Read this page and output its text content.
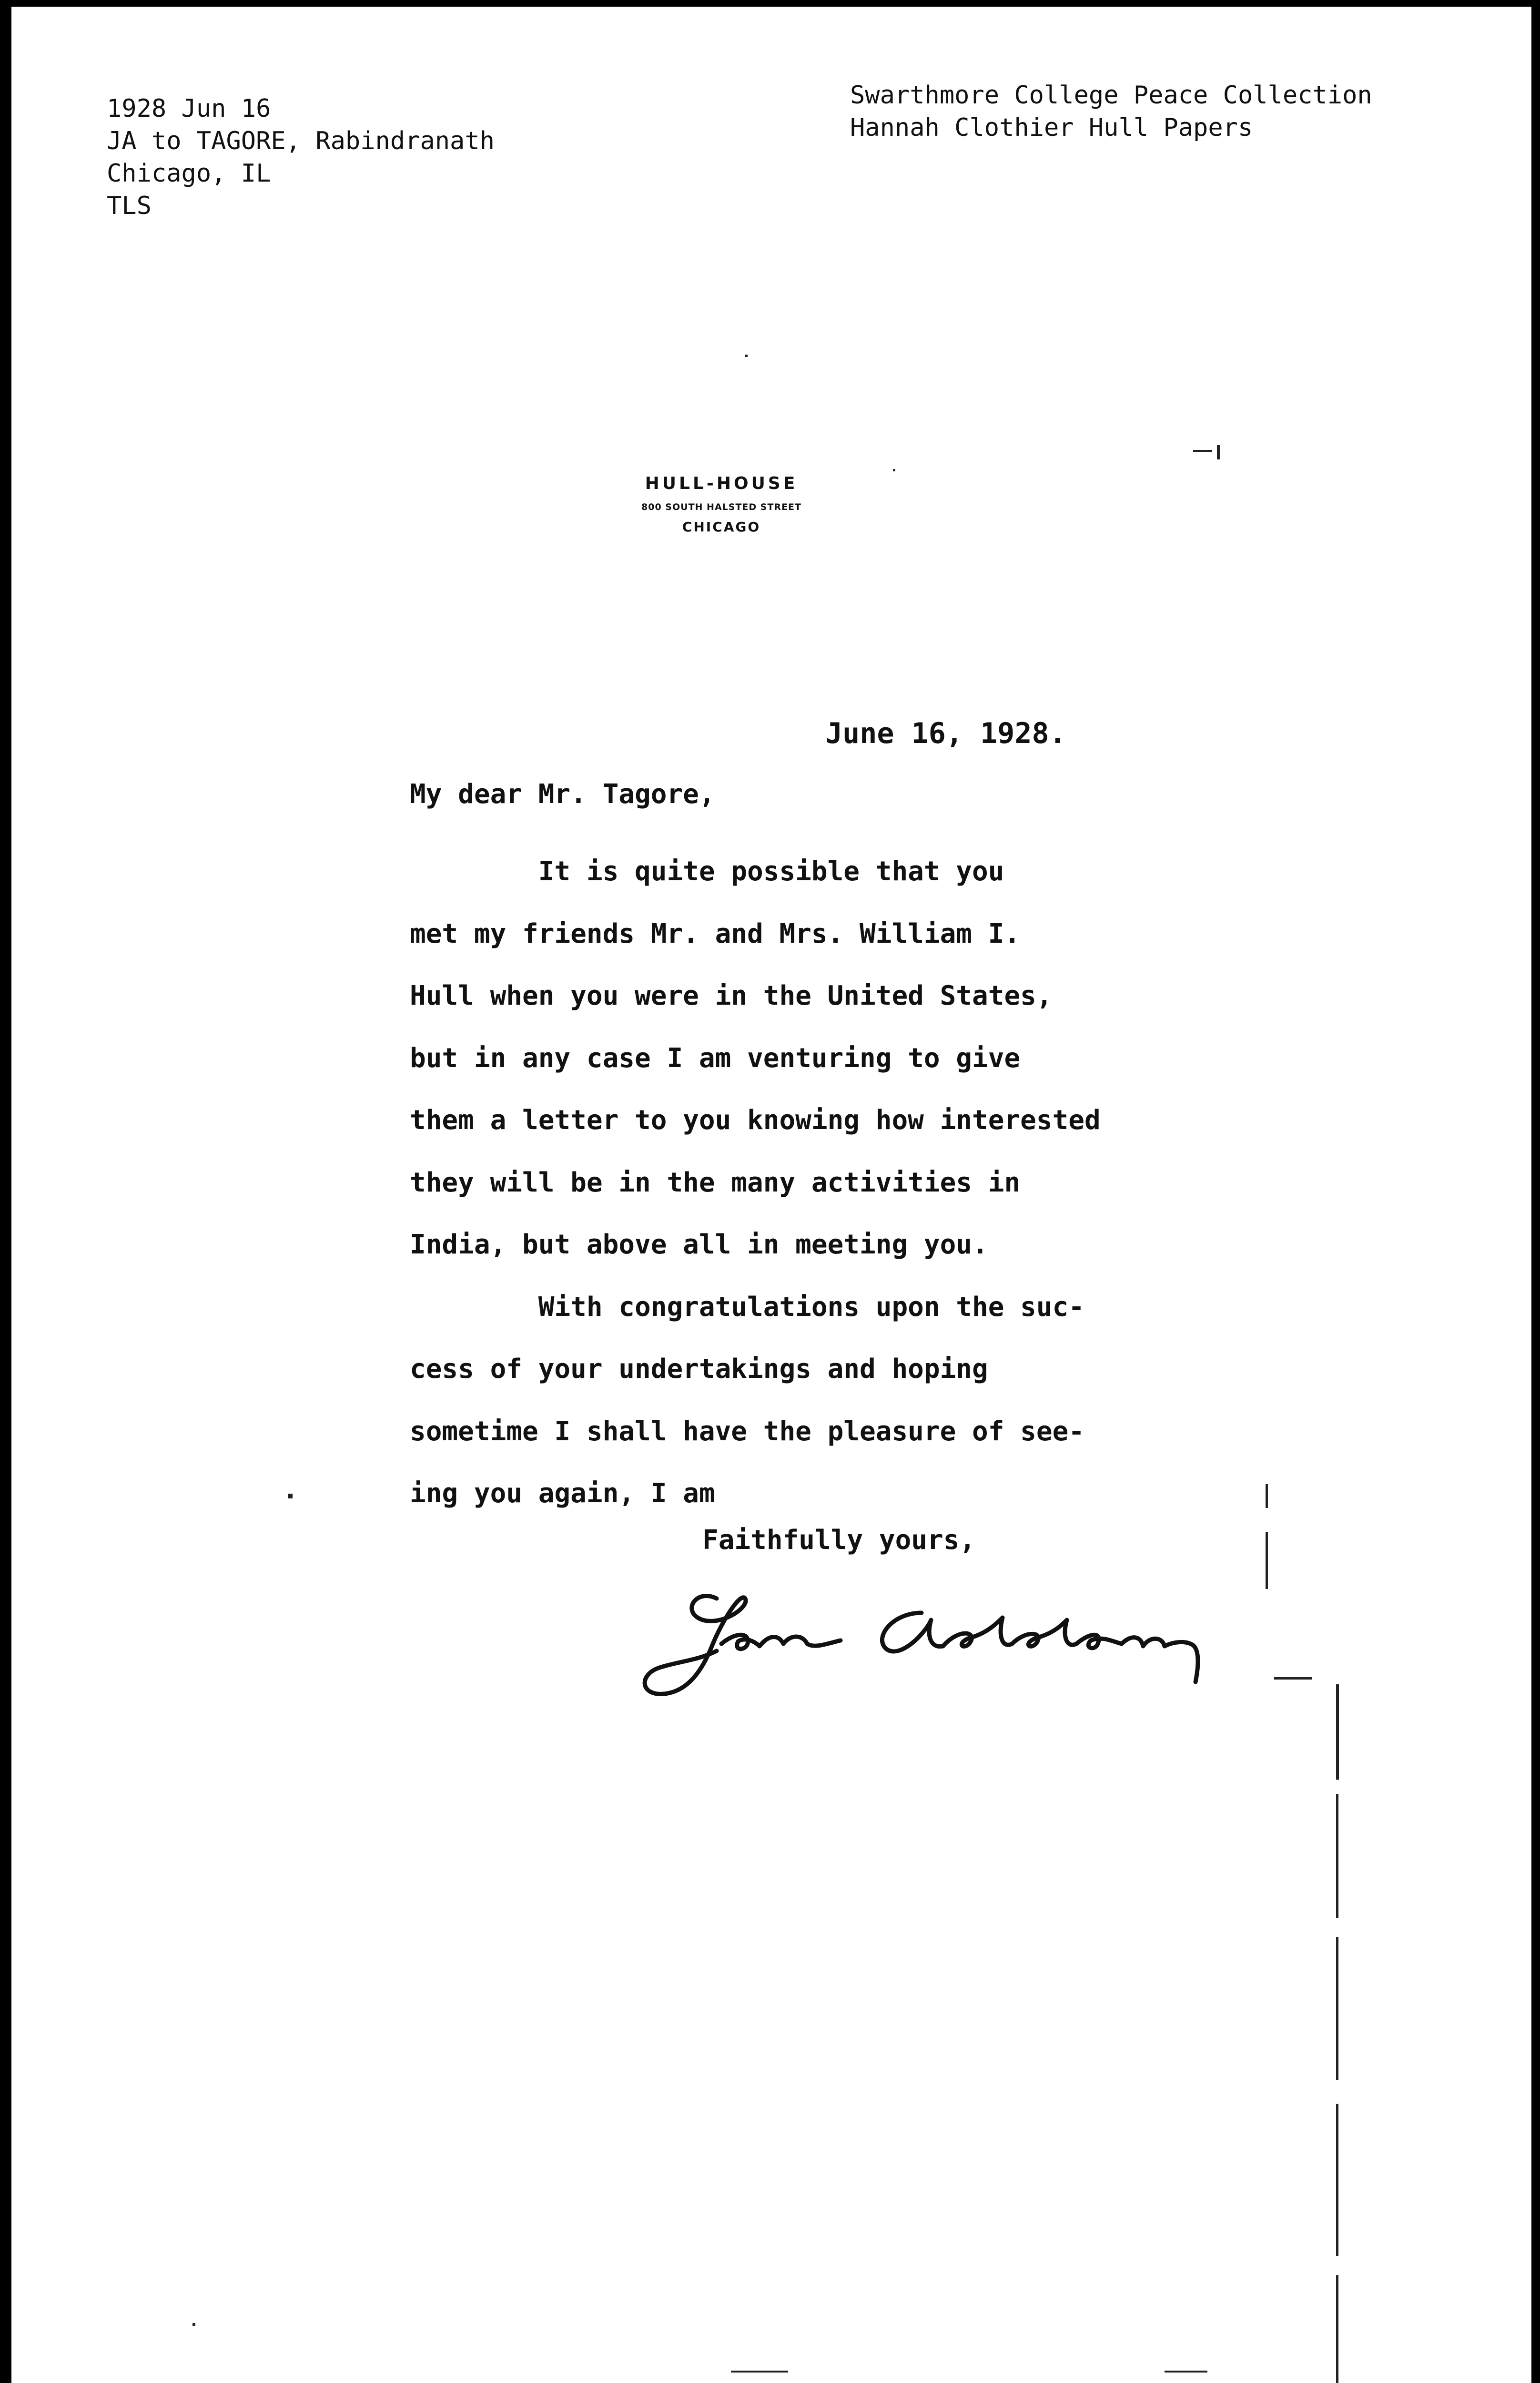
1928 Jun 16
JA to TAGORE, Rabindranath
Chicago, IL
TLS
Swarthmore College Peace Collection
Hannah Clothier Hull Papers
HULL-HOUSE
800 SOUTH HALSTED STREET
CHICAGO
June 16, 1928.
My dear Mr. Tagore,
It is quite possible that you
met my friends Mr. and Mrs. William I.
Hull when you were in the United States,
but in any case I am venturing to give
them a letter to you knowing how interested
they will be in the many activities in
India, but above all in meeting you.
With congratulations upon the suc-
cess of your undertakings and hoping
sometime I shall have the pleasure of see-
ing you again, I am
Faithfully yours,
